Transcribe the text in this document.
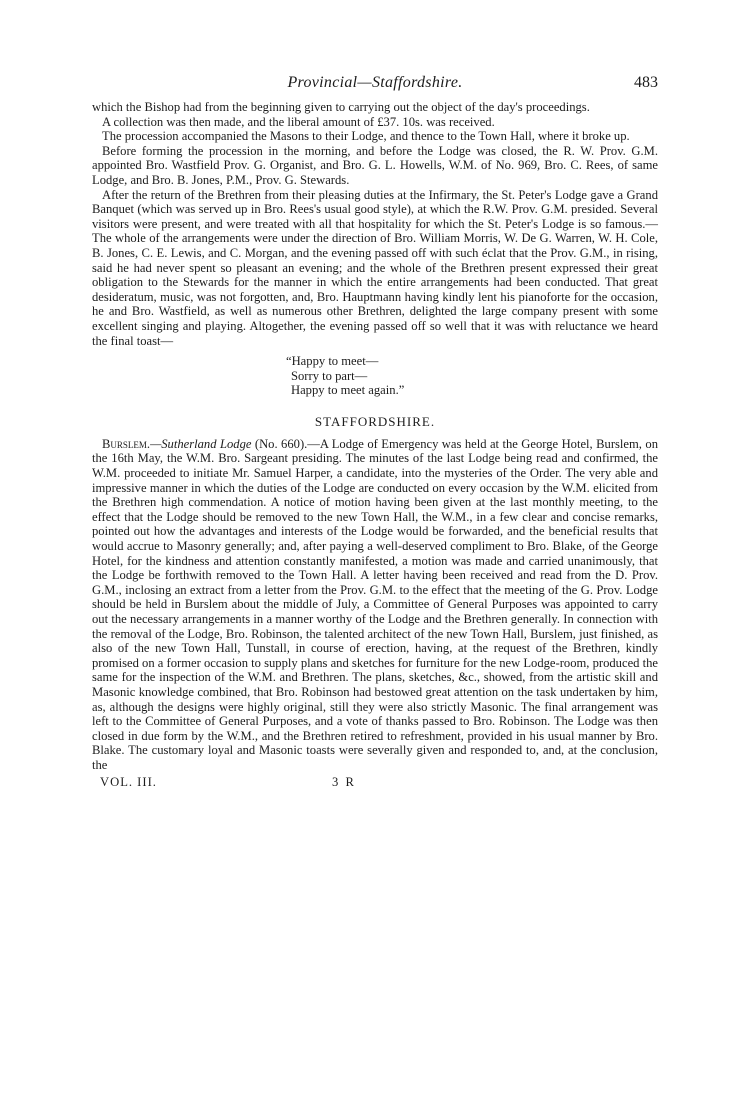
Provincial—Staffordshire.	483

which the Bishop had from the beginning given to carrying out the object of the day's proceedings.

A collection was then made, and the liberal amount of £37. 10s. was received.

The procession accompanied the Masons to their Lodge, and thence to the Town Hall, where it broke up.

Before forming the procession in the morning, and before the Lodge was closed, the R. W. Prov. G.M. appointed Bro. Wastfield Prov. G. Organist, and Bro. G. L. Howells, W.M. of No. 969, Bro. C. Rees, of same Lodge, and Bro. B. Jones, P.M., Prov. G. Stewards.

After the return of the Brethren from their pleasing duties at the Infirmary, the St. Peter's Lodge gave a Grand Banquet (which was served up in Bro. Rees's usual good style), at which the R.W. Prov. G.M. presided. Several visitors were present, and were treated with all that hospitality for which the St. Peter's Lodge is so famous.—The whole of the arrangements were under the direction of Bro. William Morris, W. De G. Warren, W. H. Cole, B. Jones, C. E. Lewis, and C. Morgan, and the evening passed off with such éclat that the Prov. G.M., in rising, said he had never spent so pleasant an evening; and the whole of the Brethren present expressed their great obligation to the Stewards for the manner in which the entire arrangements had been conducted. That great desideratum, music, was not forgotten, and, Bro. Hauptmann having kindly lent his pianoforte for the occasion, he and Bro. Wastfield, as well as numerous other Brethren, delighted the large company present with some excellent singing and playing. Altogether, the evening passed off so well that it was with reluctance we heard the final toast—

“Happy to meet—
Sorry to part—
Happy to meet again.”
STAFFORDSHIRE.

Burslem.—Sutherland Lodge (No. 660).—A Lodge of Emergency was held at the George Hotel, Burslem, on the 16th May, the W.M. Bro. Sargeant presiding. The minutes of the last Lodge being read and confirmed, the W.M. proceeded to initiate Mr. Samuel Harper, a candidate, into the mysteries of the Order. The very able and impressive manner in which the duties of the Lodge are conducted on every occasion by the W.M. elicited from the Brethren high commendation. A notice of motion having been given at the last monthly meeting, to the effect that the Lodge should be removed to the new Town Hall, the W.M., in a few clear and concise remarks, pointed out how the advantages and interests of the Lodge would be forwarded, and the beneficial results that would accrue to Masonry generally; and, after paying a well-deserved compliment to Bro. Blake, of the George Hotel, for the kindness and attention constantly manifested, a motion was made and carried unanimously, that the Lodge be forthwith removed to the Town Hall. A letter having been received and read from the D. Prov. G.M., inclosing an extract from a letter from the Prov. G.M. to the effect that the meeting of the G. Prov. Lodge should be held in Burslem about the middle of July, a Committee of General Purposes was appointed to carry out the necessary arrangements in a manner worthy of the Lodge and the Brethren generally. In connection with the removal of the Lodge, Bro. Robinson, the talented architect of the new Town Hall, Burslem, just finished, as also of the new Town Hall, Tunstall, in course of erection, having, at the request of the Brethren, kindly promised on a former occasion to supply plans and sketches for furniture for the new Lodge-room, produced the same for the inspection of the W.M. and Brethren. The plans, sketches, &c., showed, from the artistic skill and Masonic knowledge combined, that Bro. Robinson had bestowed great attention on the task undertaken by him, as, although the designs were highly original, still they were also strictly Masonic. The final arrangement was left to the Committee of General Purposes, and a vote of thanks passed to Bro. Robinson. The Lodge was then closed in due form by the W.M., and the Brethren retired to refreshment, provided in his usual manner by Bro. Blake. The customary loyal and Masonic toasts were severally given and responded to, and, at the conclusion, the

VOL. III.	3 R
